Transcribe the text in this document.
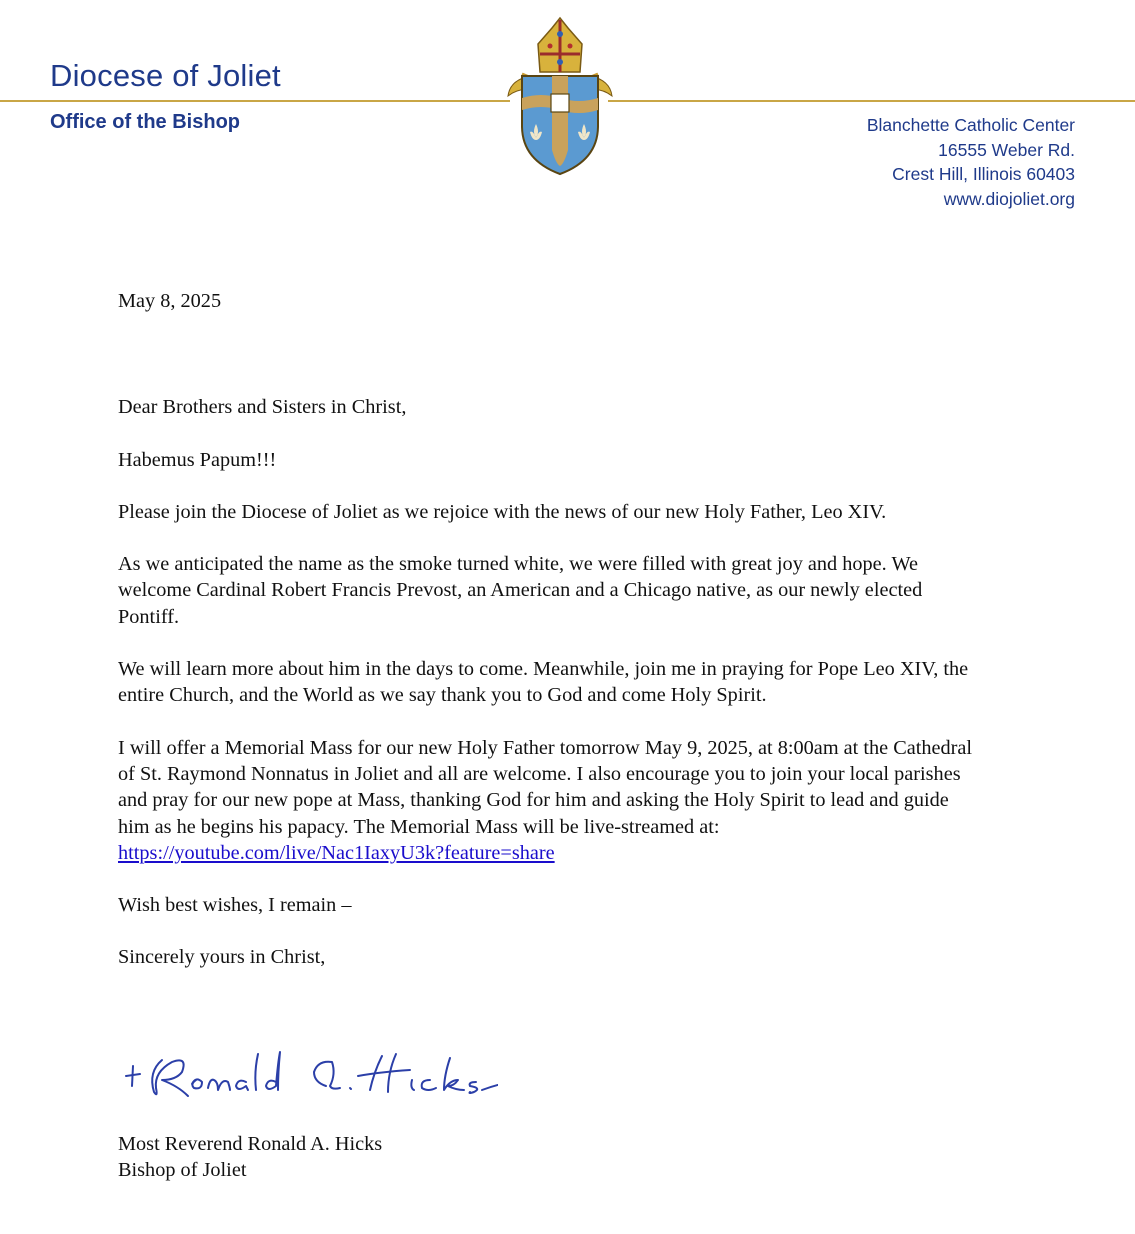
Diocese of Joliet
Office of the Bishop	Blanchette Catholic Center
16555 Weber Rd.
Crest Hill, Illinois 60403
www.diojoliet.org

May 8, 2025

Dear Brothers and Sisters in Christ,

Habemus Papum!!!

Please join the Diocese of Joliet as we rejoice with the news of our new Holy Father, Leo XIV.

As we anticipated the name as the smoke turned white, we were filled with great joy and hope. We welcome Cardinal Robert Francis Prevost, an American and a Chicago native, as our newly elected Pontiff.

We will learn more about him in the days to come. Meanwhile, join me in praying for Pope Leo XIV, the entire Church, and the World as we say thank you to God and come Holy Spirit.

I will offer a Memorial Mass for our new Holy Father tomorrow May 9, 2025, at 8:00am at the Cathedral of St. Raymond Nonnatus in Joliet and all are welcome. I also encourage you to join your local parishes and pray for our new pope at Mass, thanking God for him and asking the Holy Spirit to lead and guide him as he begins his papacy. The Memorial Mass will be live-streamed at: https://youtube.com/live/Nac1IaxyU3k?feature=share

Wish best wishes, I remain –

Sincerely yours in Christ,

Most Reverend Ronald A. Hicks
Bishop of Joliet
